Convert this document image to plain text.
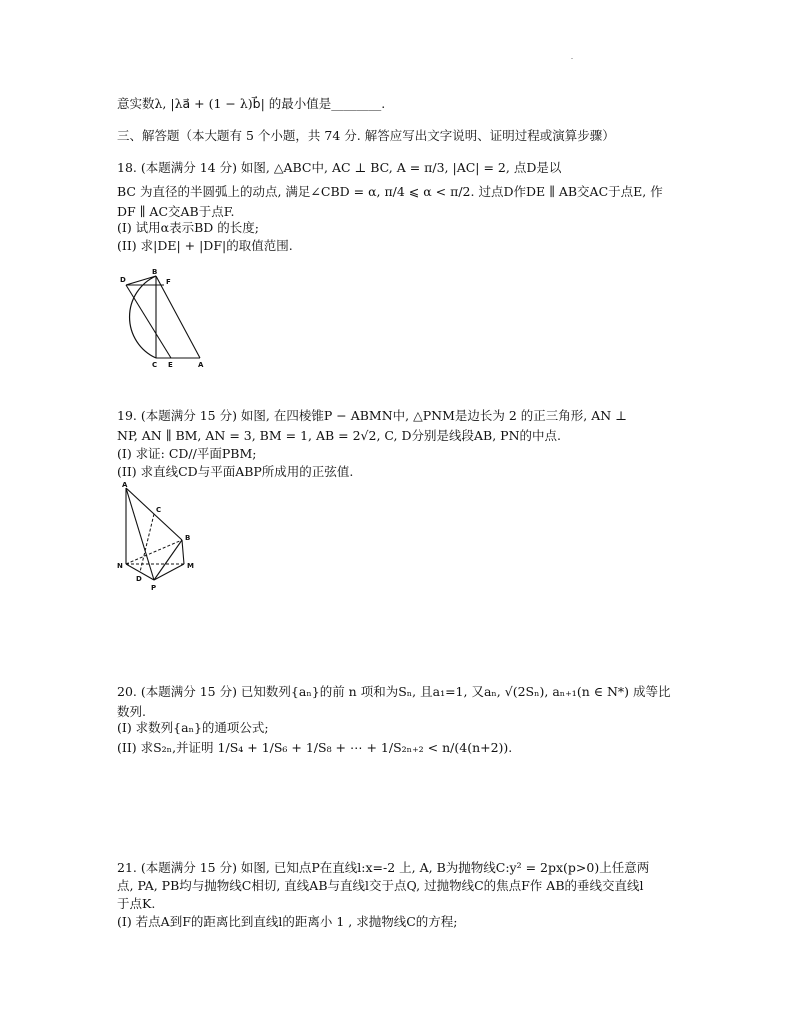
意实数λ, |λa⃗ + (1 − λ)b⃗| 的最小值是________.
三、解答题（本大题有 5 个小题，共 74 分. 解答应写出文字说明、证明过程或演算步骤）
18. (本题满分 14 分) 如图, △ABC中, AC ⊥ BC, A = π/3, |AC| = 2, 点D是以
BC 为直径的半圆弧上的动点, 满足∠CBD = α, π/4 ⩽ α < π/2. 过点D作DE ∥ AB交AC于点E, 作
DF ∥ AC交AB于点F.
(I) 试用α表示BD 的长度;
(II) 求|DE| + |DF|的取值范围.
D
B
F
C E	A
19. (本题满分 15 分) 如图, 在四棱锥P − ABMN中, △PNM是边长为 2 的正三角形, AN ⊥
NP, AN ∥ BM, AN = 3, BM = 1, AB = 2√2, C, D分别是线段AB, PN的中点.
(I) 求证: CD//平面PBM;
(II) 求直线CD与平面ABP所成用的正弦值.
A
C
B
N
D
M
P
20. (本题满分 15 分) 已知数列{aₙ}的前 n 项和为Sₙ, 且a₁=1, 又aₙ, √(2Sₙ), aₙ₊₁(n ∈ N*) 成等比
数列.
(I) 求数列{aₙ}的通项公式;
(II) 求S₂ₙ,并证明 1/S₄ + 1/S₆ + 1/S₈ + ⋯ + 1/S₂ₙ₊₂ < n/(4(n+2)).
21. (本题满分 15 分) 如图, 已知点P在直线l:x=-2 上, A, B为抛物线C:y² = 2px(p>0)上任意两
点, PA, PB均与抛物线C相切, 直线AB与直线l交于点Q, 过抛物线C的焦点F作 AB的垂线交直线l
于点K.
(I) 若点A到F的距离比到直线l的距离小 1 , 求抛物线C的方程;
